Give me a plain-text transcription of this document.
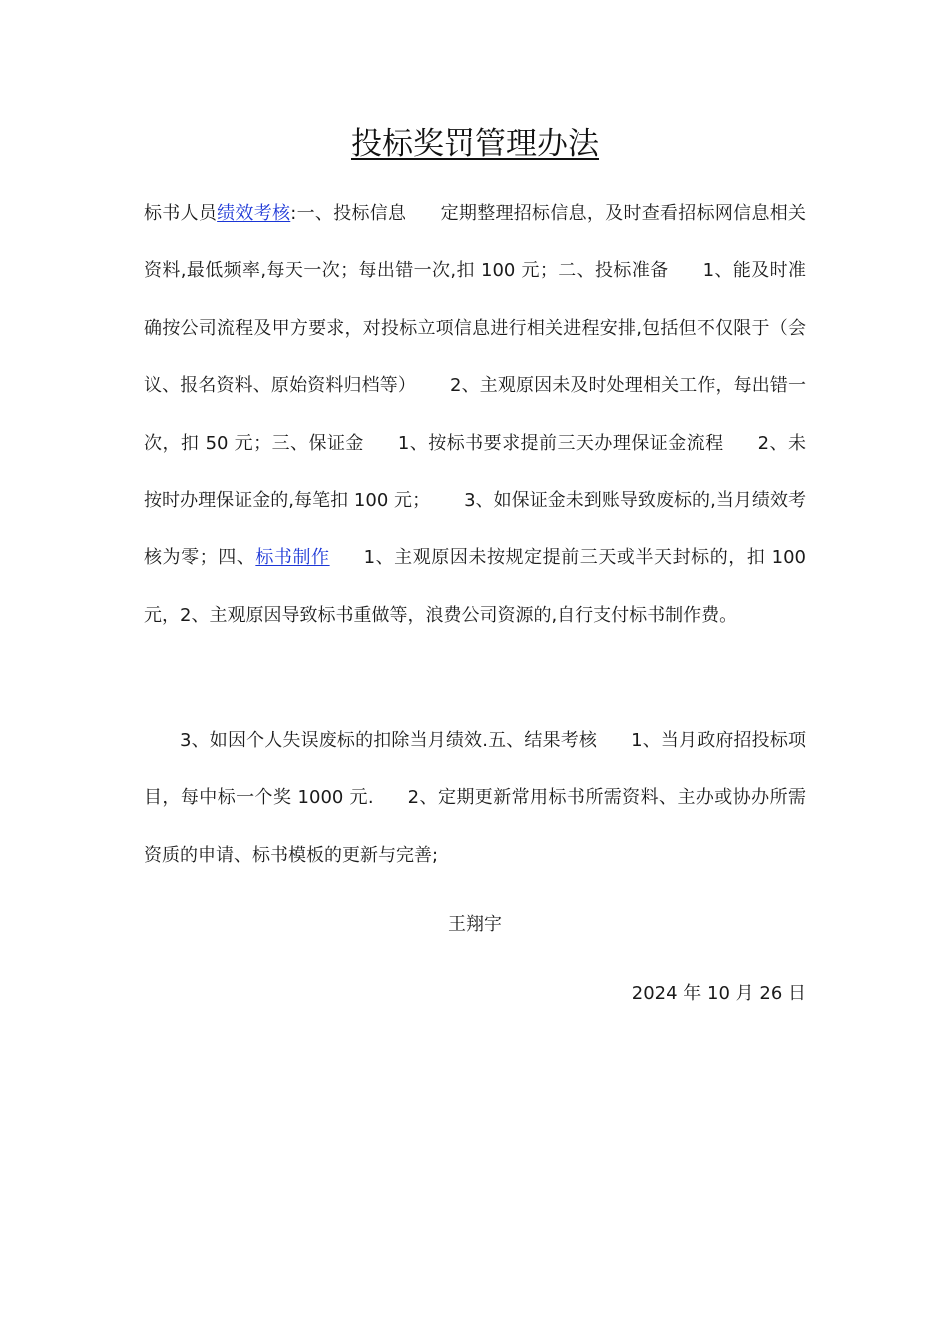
投标奖罚管理办法

标书人员绩效考核:一、投标信息 定期整理招标信息，及时查看招标网信息相关资料,最低频率,每天一次；每出错一次,扣 100 元；二、投标准备 1、能及时准确按公司流程及甲方要求，对投标立项信息进行相关进程安排,包括但不仅限于（会议、报名资料、原始资料归档等） 2、主观原因未及时处理相关工作，每出错一次，扣 50 元；三、保证金 1、按标书要求提前三天办理保证金流程 2、未按时办理保证金的,每笔扣 100 元； 3、如保证金未到账导致废标的,当月绩效考核为零；四、标书制作 1、主观原因未按规定提前三天或半天封标的，扣 100 元，2、主观原因导致标书重做等，浪费公司资源的,自行支付标书制作费。

3、如因个人失误废标的扣除当月绩效.五、结果考核 1、当月政府招投标项目，每中标一个奖 1000 元. 2、定期更新常用标书所需资料、主办或协办所需资质的申请、标书模板的更新与完善;

王翔宇

2024 年 10 月 26 日
